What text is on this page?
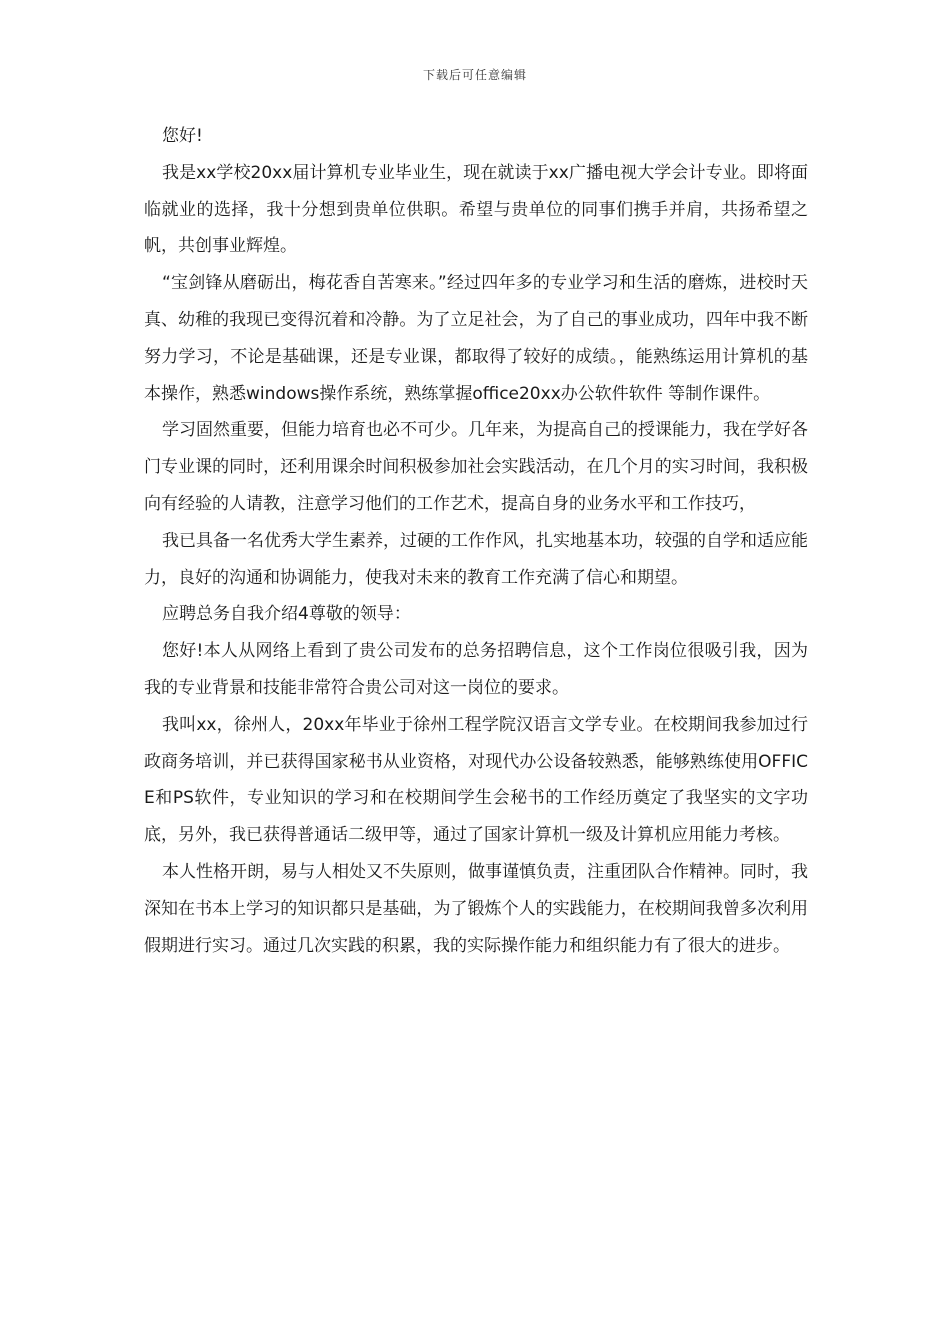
下载后可任意编辑

您好!

我是xx学校20xx届计算机专业毕业生，现在就读于xx广播电视大学会计专业。即将面临就业的选择，我十分想到贵单位供职。希望与贵单位的同事们携手并肩，共扬希望之帆，共创事业辉煌。

“宝剑锋从磨砺出，梅花香自苦寒来。”经过四年多的专业学习和生活的磨炼，进校时天真、幼稚的我现已变得沉着和冷静。为了立足社会，为了自己的事业成功，四年中我不断努力学习，不论是基础课，还是专业课，都取得了较好的成绩。，能熟练运用计算机的基本操作，熟悉windows操作系统，熟练掌握office20xx办公软件软件 等制作课件。

学习固然重要，但能力培育也必不可少。几年来，为提高自己的授课能力，我在学好各门专业课的同时，还利用课余时间积极参加社会实践活动，在几个月的实习时间，我积极向有经验的人请教，注意学习他们的工作艺术，提高自身的业务水平和工作技巧，

我已具备一名优秀大学生素养，过硬的工作作风，扎实地基本功，较强的自学和适应能力，良好的沟通和协调能力，使我对未来的教育工作充满了信心和期望。

应聘总务自我介绍4尊敬的领导：

您好!本人从网络上看到了贵公司发布的总务招聘信息，这个工作岗位很吸引我，因为我的专业背景和技能非常符合贵公司对这一岗位的要求。

我叫xx，徐州人，20xx年毕业于徐州工程学院汉语言文学专业。在校期间我参加过行政商务培训，并已获得国家秘书从业资格，对现代办公设备较熟悉，能够熟练使用OFFICE和PS软件，专业知识的学习和在校期间学生会秘书的工作经历奠定了我坚实的文字功底，另外，我已获得普通话二级甲等，通过了国家计算机一级及计算机应用能力考核。

本人性格开朗，易与人相处又不失原则，做事谨慎负责，注重团队合作精神。同时，我深知在书本上学习的知识都只是基础，为了锻炼个人的实践能力，在校期间我曾多次利用假期进行实习。通过几次实践的积累，我的实际操作能力和组织能力有了很大的进步。
